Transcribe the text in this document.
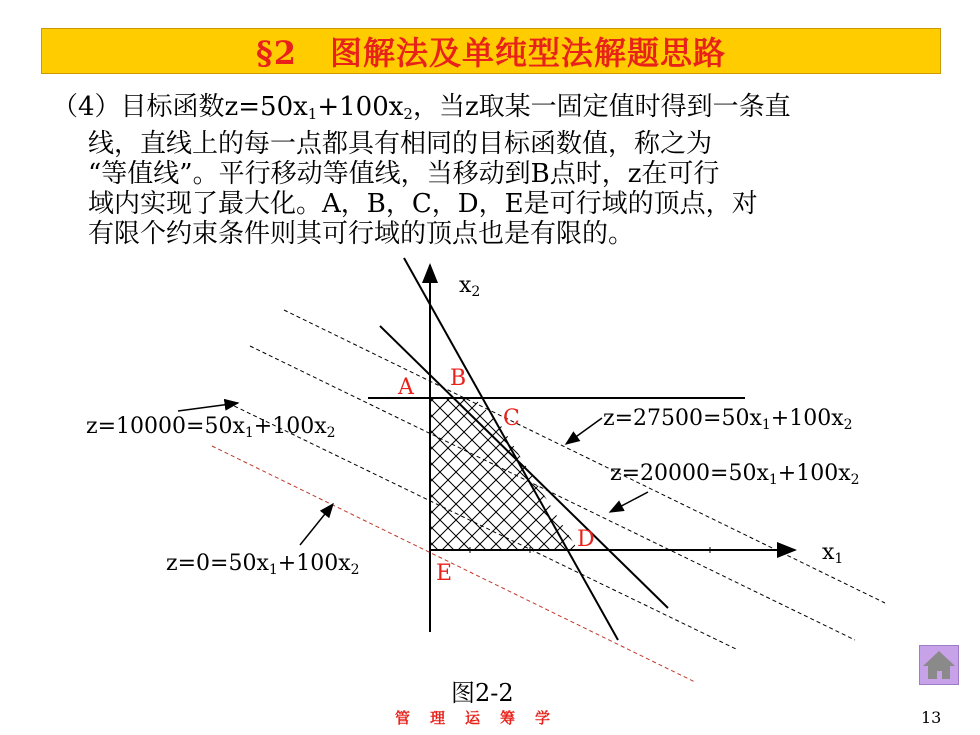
§2　图解法及单纯型法解题思路
（4）目标函数$z=50x_1+100x_2$，当z取某一固定值时得到一条直
线，直线上的每一点都具有相同的目标函数值，称之为
“等值线”。平行移动等值线，当移动到B点时，z在可行
域内实现了最大化。A，B，C，D，E是可行域的顶点，对
有限个约束条件则其可行域的顶点也是有限的。
$x_2$
$x_1$
A B
C
D
E
$z=10000=50x_1+100x_2$
$z=27500=50x_1+100x_2$
$z=20000=50x_1+100x_2$
$z=0=50x_1+100x_2$
图2-2
管理运筹学	13
